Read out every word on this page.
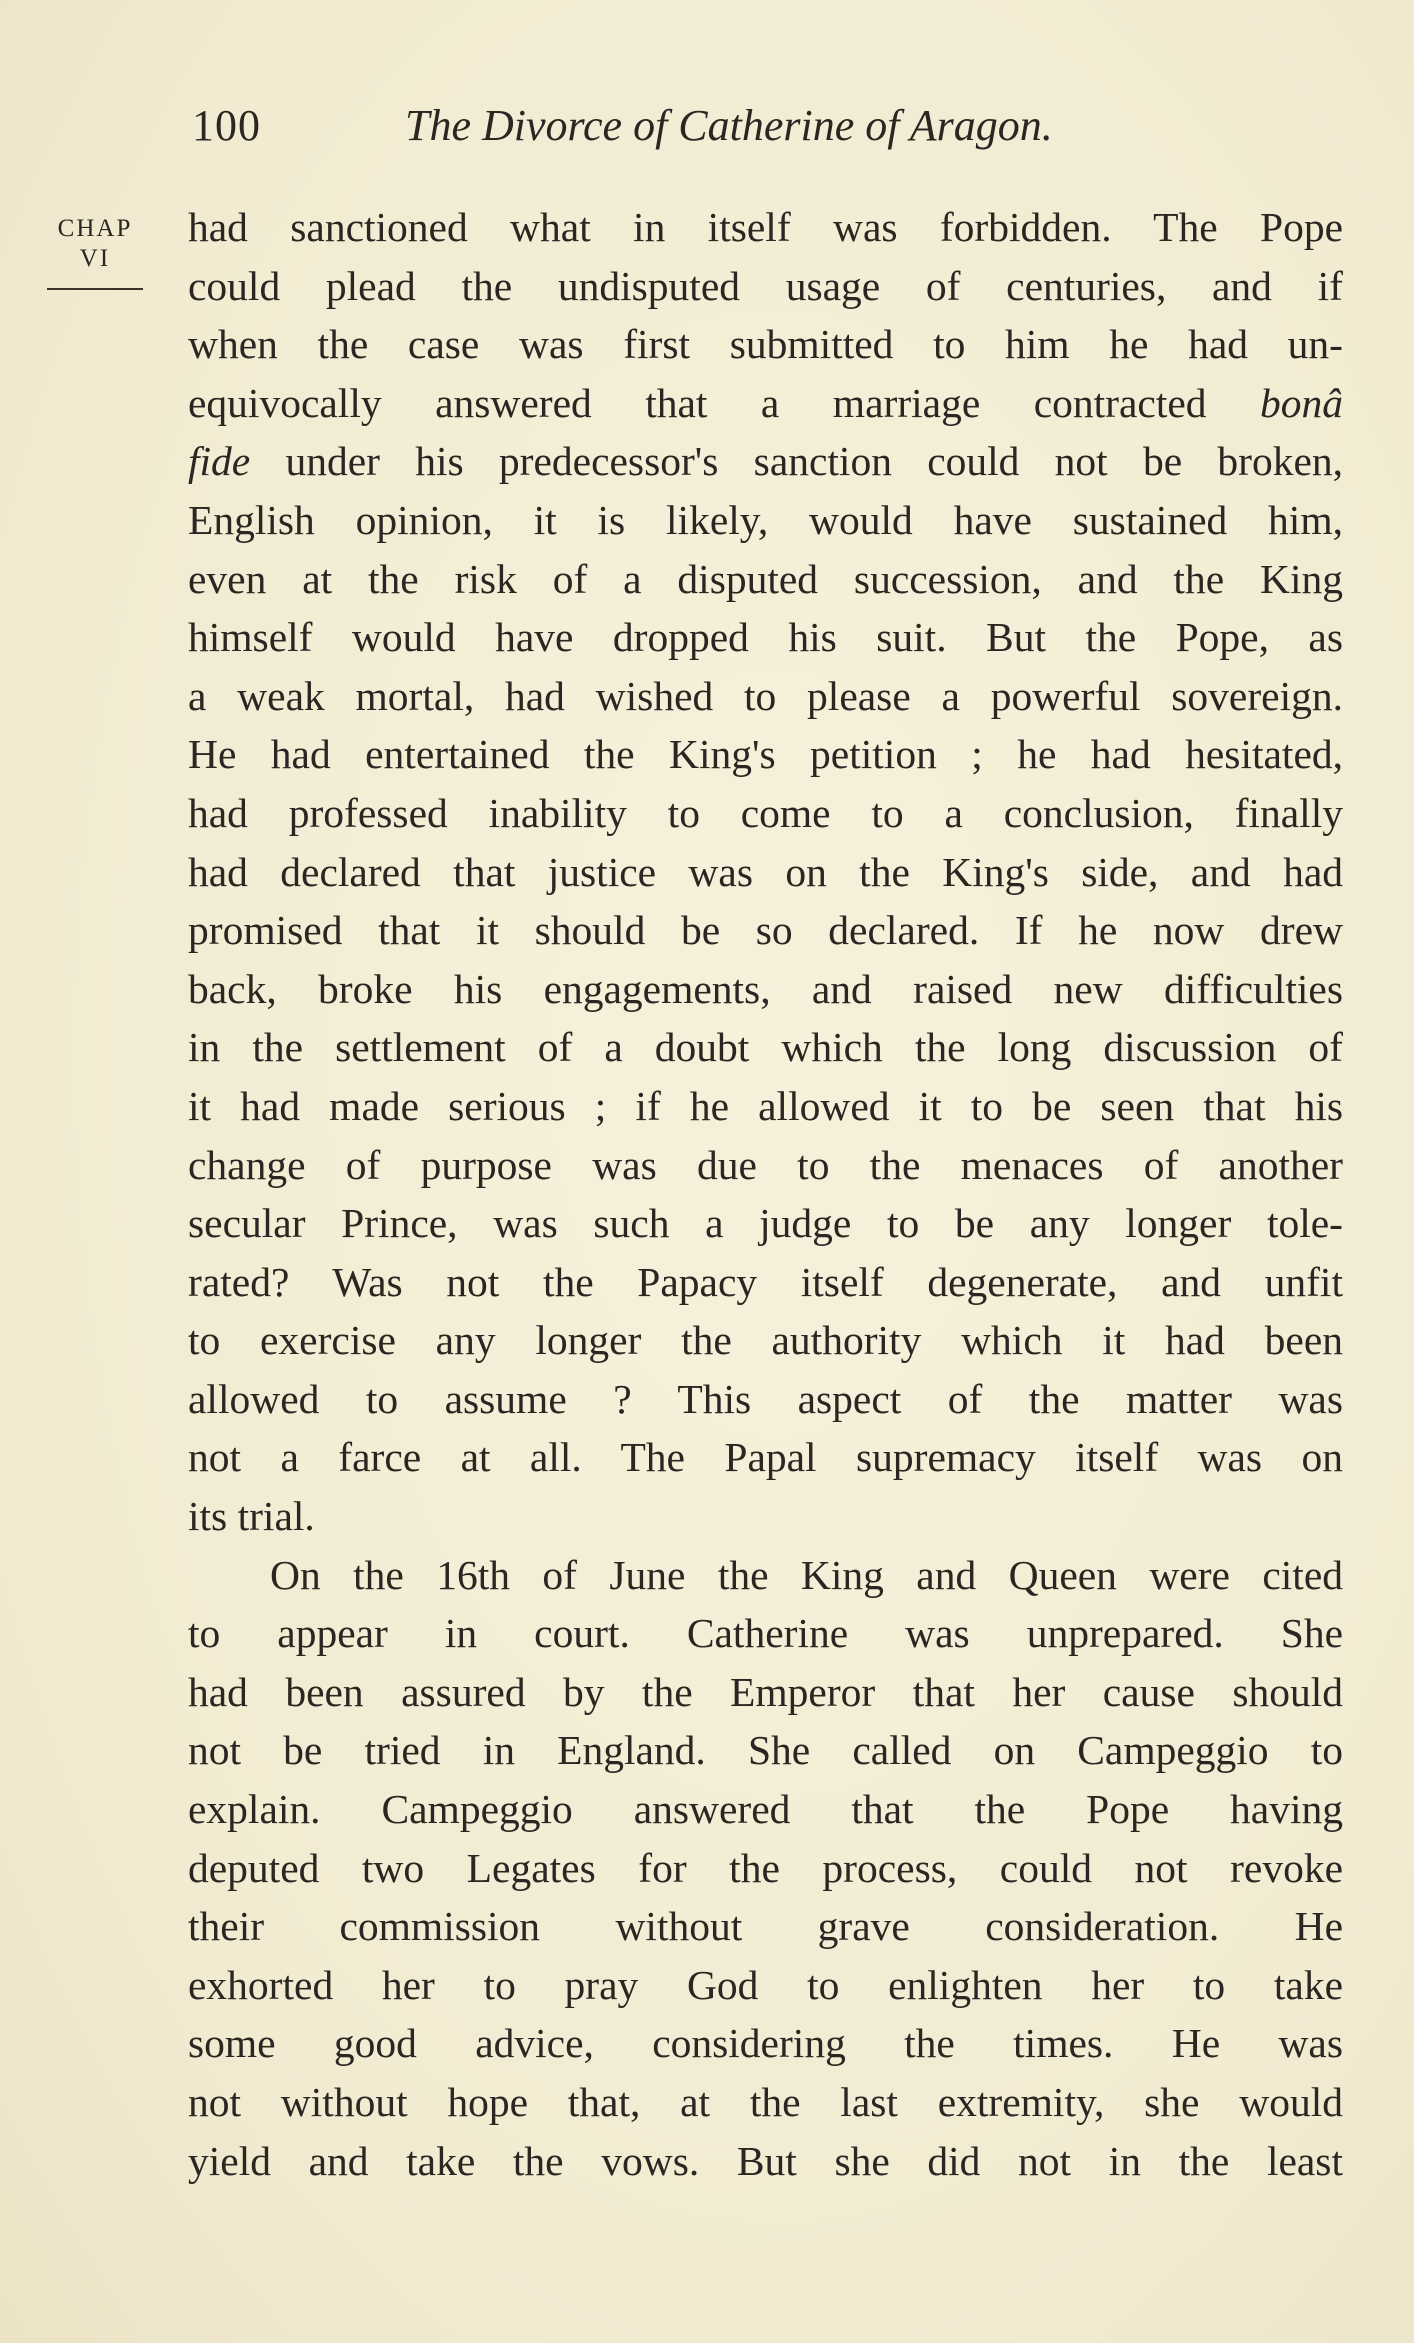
100	The Divorce of Catherine of Aragon.
CHAP
VI
had sanctioned what in itself was forbidden. The Pope
could plead the undisputed usage of centuries, and if
when the case was first submitted to him he had un-
equivocally answered that a marriage contracted bonâ
fide under his predecessor's sanction could not be broken,
English opinion, it is likely, would have sustained him,
even at the risk of a disputed succession, and the King
himself would have dropped his suit. But the Pope, as
a weak mortal, had wished to please a powerful sovereign.
He had entertained the King's petition ; he had hesitated,
had professed inability to come to a conclusion, finally
had declared that justice was on the King's side, and had
promised that it should be so declared. If he now drew
back, broke his engagements, and raised new difficulties
in the settlement of a doubt which the long discussion of
it had made serious ; if he allowed it to be seen that his
change of purpose was due to the menaces of another
secular Prince, was such a judge to be any longer tole-
rated? Was not the Papacy itself degenerate, and unfit
to exercise any longer the authority which it had been
allowed to assume ? This aspect of the matter was
not a farce at all. The Papal supremacy itself was on
its trial.
On the 16th of June the King and Queen were cited
to appear in court. Catherine was unprepared. She
had been assured by the Emperor that her cause should
not be tried in England. She called on Campeggio to
explain. Campeggio answered that the Pope having
deputed two Legates for the process, could not revoke
their commission without grave consideration. He
exhorted her to pray God to enlighten her to take
some good advice, considering the times. He was
not without hope that, at the last extremity, she would
yield and take the vows. But she did not in the least
